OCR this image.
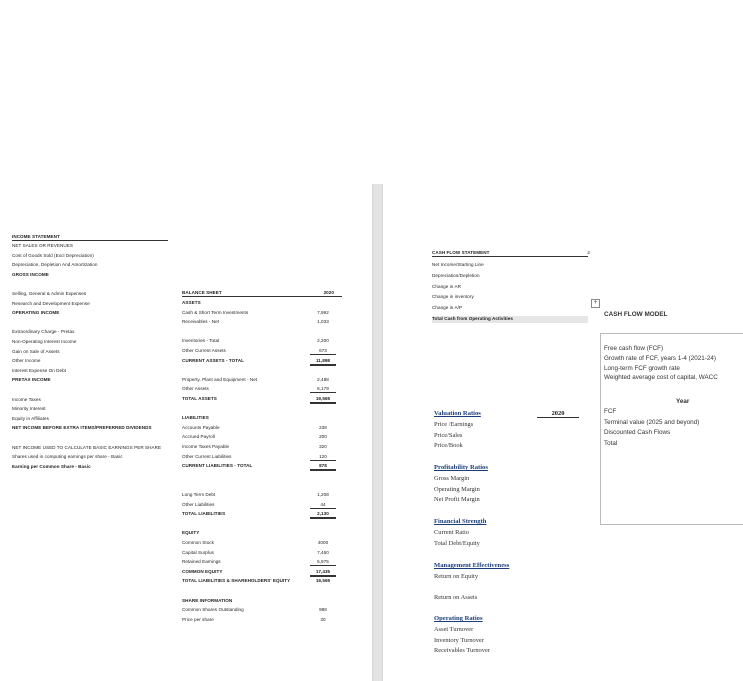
INCOME STATEMENT
NET SALES OR REVENUES
Cost of Goods Sold (Excl Depreciation)
Depreciation, Depletion And Amortization
GROSS INCOME
Selling, General & Admin Expenses
Research and Development Expense
OPERATING INCOME
Extraordinary Charge - Pretax
Non-Operating Interest Income
Gain on Sale of Assets
Other Income
Interest Expense On Debt
PRETAX INCOME
Income Taxes
Minority Interest
Equity in Affiliates
NET INCOME BEFORE EXTRA ITEMS/PREFERRED DIVIDENDS
NET INCOME USED TO CALCULATE BASIC EARNINGS PER SHARE
Shares used in computing earnings per share - Basic
Earning per Common Share - Basic
BALANCE SHEET	2020
ASSETS
Cash & Short Term Investments	7,992
Receivables - Net	1,033
Inventories - Total	2,200
Other Current Assets	673
CURRENT ASSETS - TOTAL	11,898
Property, Plant and Equipment - Net	2,488
Other Assets	6,179
TOTAL ASSETS	19,565
LIABILITIES
Accounts Payable	238
Accrued Payroll	200
Income Taxes Payable	320
Other Current Liabilities	120
CURRENT LIABILITIES - TOTAL	878
Long Term Debt	1,208
Other Liabilities	44
TOTAL LIABILITIES	2,130
EQUITY
Common Stock	4000
Capital Surplus	7,460
Retained Earnings	5,975
COMMON EQUITY	17,435
TOTAL LIABILITIES & SHAREHOLDERS' EQUITY	19,565
SHARE INFORMATION
Common Shares Outstanding	988
Price per share	30
CASH FLOW STATEMENT	2
Net Income/Starting Line
Depreciation/Depletion
Change in AR
Change in inventory
Change in A/P
Total Cash from Operating Activities
+
CASH FLOW MODEL
Free cash flow (FCF)
Growth rate of FCF, years 1-4 (2021-24)
Long-term FCF growth rate
Weighted average cost of capital, WACC
Year
FCF
Terminal value (2025 and beyond)
Discounted Cash Flows
Total
2020
Valuation Ratios
Price /Earnings
Price/Sales
Price/Book
Profitability Ratios
Gross Margin
Operating Margin
Net Profit Margin
Financial Strength
Current Ratio
Total Debt/Equity
Management Effectiveness
Return on Equity
Return on Assets
Operating Ratios
Asset Turnover
Inventory Turnover
Receivables Turnover
